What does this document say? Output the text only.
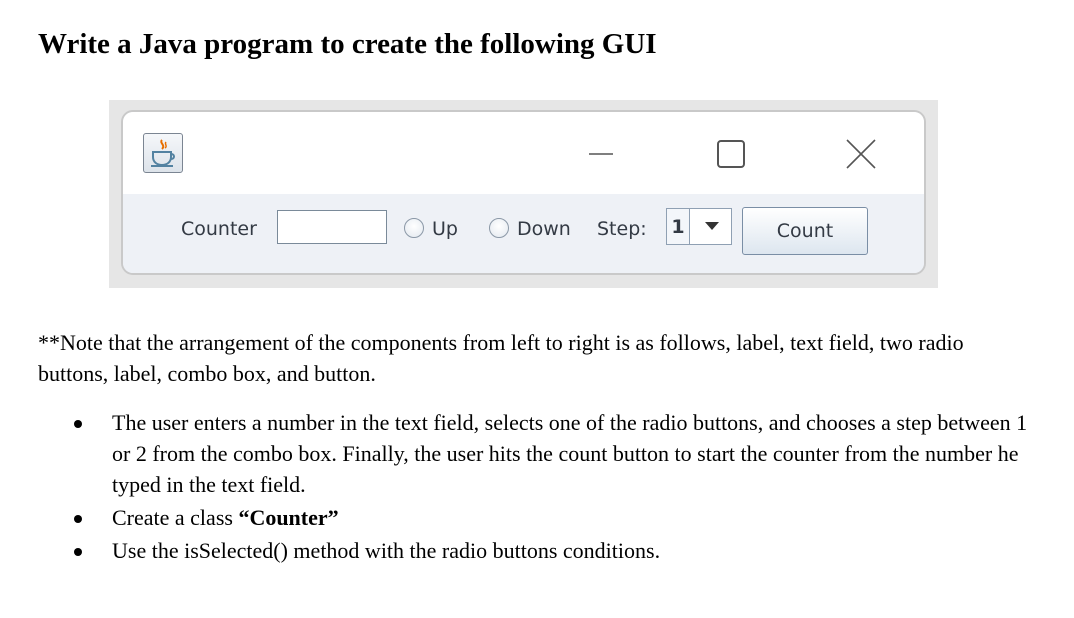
Write a Java program to create the following GUI
Counter	Up	Down Step: 1	Count

**Note that the arrangement of the components from left to right is as follows, label, text field, two radio buttons, label, combo box, and button.

The user enters a number in the text field, selects one of the radio buttons, and chooses a step between 1 or 2 from the combo box. Finally, the user hits the count button to start the counter from the number he typed in the text field.
Create a class “Counter”
Use the isSelected() method with the radio buttons conditions.
